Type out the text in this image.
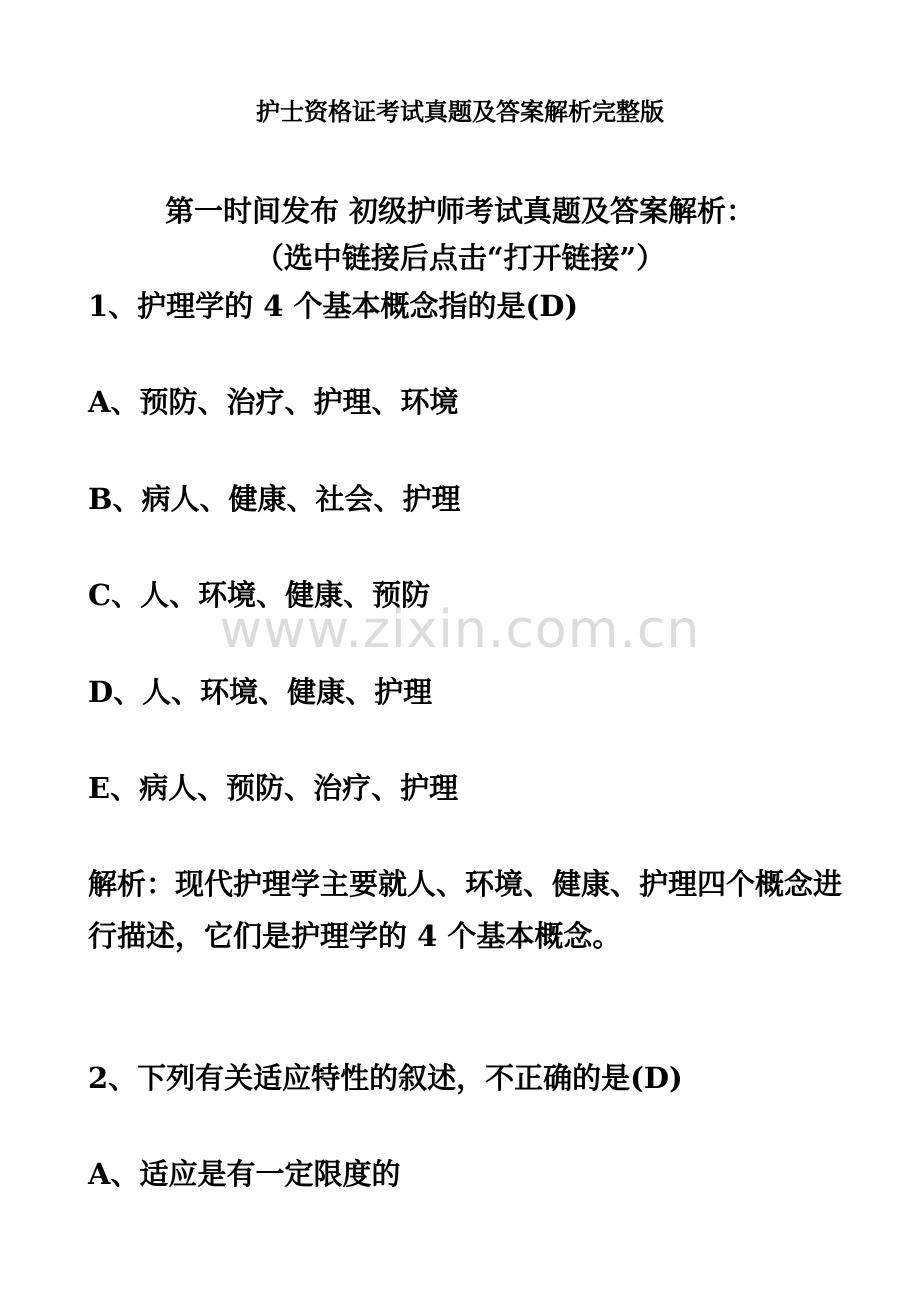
护士资格证考试真题及答案解析完整版
第一时间发布 初级护师考试真题及答案解析：
（选中链接后点击“打开链接”）
1、护理学的 4 个基本概念指的是(D)
A、预防、治疗、护理、环境
B、病人、健康、社会、护理
C、人、环境、健康、预防
D、人、环境、健康、护理
E、病人、预防、治疗、护理
解析：现代护理学主要就人、环境、健康、护理四个概念进行描述，它们是护理学的 4 个基本概念。
2、下列有关适应特性的叙述，不正确的是(D)
A、适应是有一定限度的
www.zixin.com.cn
